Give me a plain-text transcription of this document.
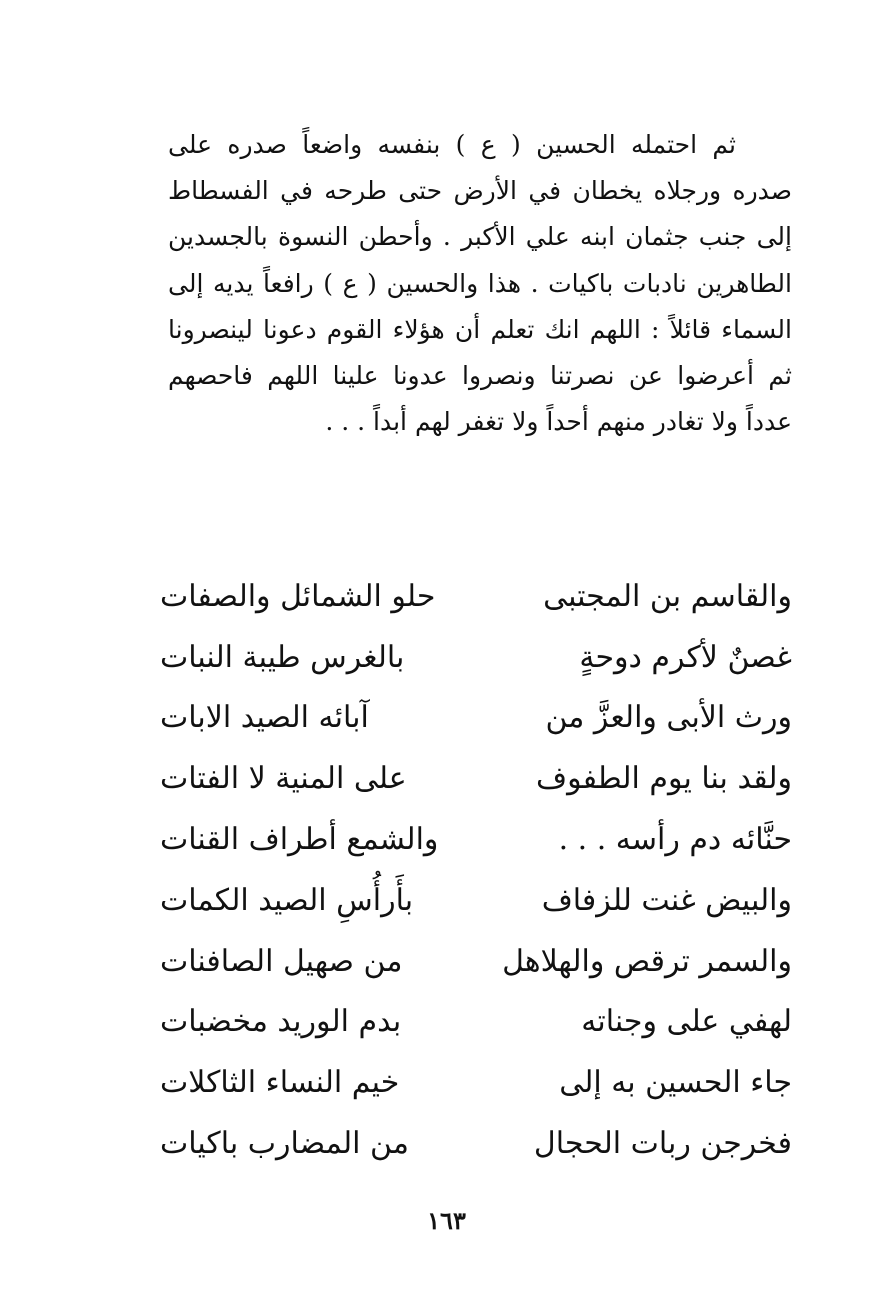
ثم احتمله الحسين ( ع ) بنفسه واضعاً صدره على صدره ورجلاه يخطان في الأرض حتى طرحه في الفسطاط إلى جنب جثمان ابنه علي الأكبر . وأحطن النسوة بالجسدين الطاهرين نادبات باكيات . هذا والحسين ( ع ) رافعاً يديه إلى السماء قائلاً : اللهم انك تعلم أن هؤلاء القوم دعونا لينصرونا ثم أعرضوا عن نصرتنا ونصروا عدونا علينا اللهم فاحصهم عدداً ولا تغادر منهم أحداً ولا تغفر لهم أبداً . . .

والقاسم بن المجتبى
حلو الشمائل والصفات
غصنٌ لأكرم دوحةٍ
بالغرس طيبة النبات
ورث الأبى والعزَّ من
آبائه الصيد الابات
ولقد بنا يوم الطفوف
على المنية لا الفتات
حنَّائه دم رأسه . . .
والشمع أطراف القنات
والبيض غنت للزفاف
بأَرأُسِ الصيد الكمات
والسمر ترقص والهلاهل
من صهيل الصافنات
لهفي على وجناته
بدم الوريد مخضبات
جاء الحسين به إلى
خيم النساء الثاكلات
فخرجن ربات الحجال
من المضارب باكيات
١٦٣
